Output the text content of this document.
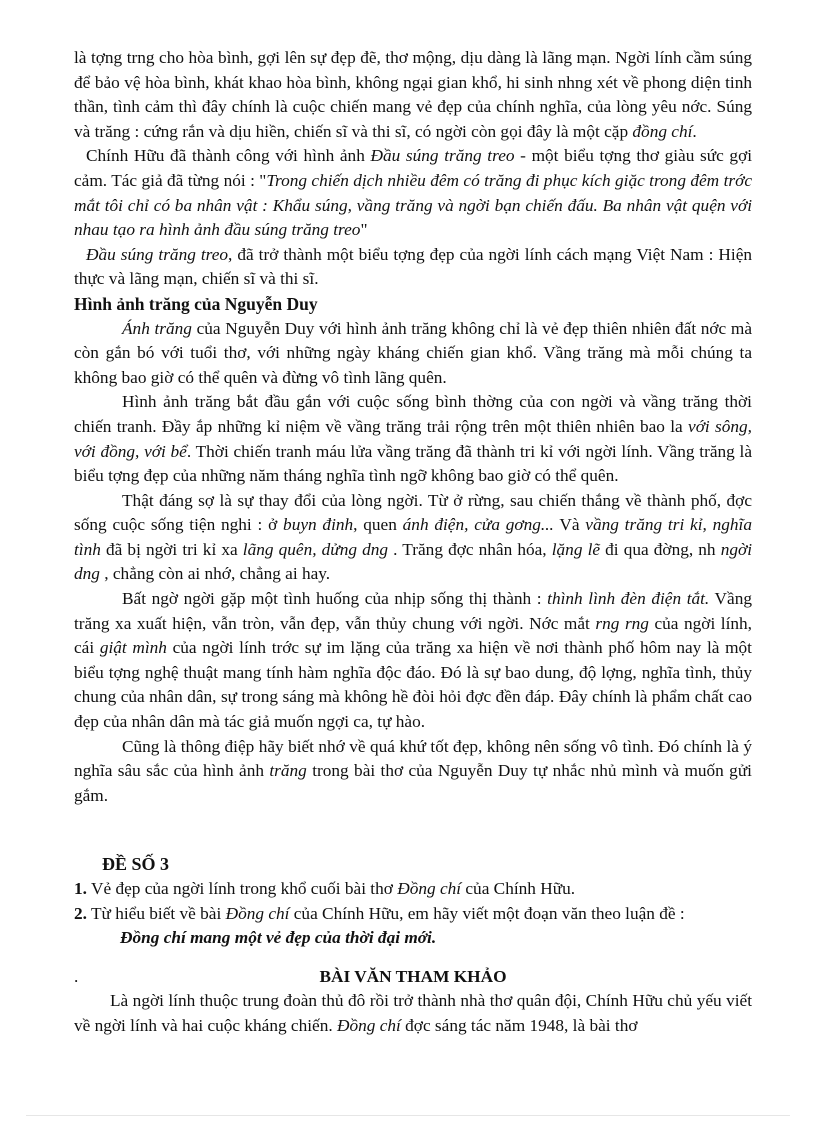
là tợng trng cho hòa bình, gợi lên sự đẹp đẽ, thơ mộng, dịu dàng là lãng mạn. Ngời lính cầm súng để bảo vệ hòa bình, khát khao hòa bình, không ngại gian khổ, hi sinh nhng xét về phong diện tinh thần, tình cảm thì đây chính là cuộc chiến mang vẻ đẹp của chính nghĩa, của lòng yêu nớc. Súng và trăng : cứng rắn và dịu hiền, chiến sĩ và thi sĩ, có ngời còn gọi đây là một cặp đồng chí.

Chính Hữu đã thành công với hình ảnh Đầu súng trăng treo - một biểu tợng thơ giàu sức gợi cảm. Tác giả đã từng nói : "Trong chiến dịch nhiều đêm có trăng đi phục kích giặc trong đêm trớc mắt tôi chỉ có ba nhân vật : Khẩu súng, vầng trăng và ngời bạn chiến đấu. Ba nhân vật quện với nhau tạo ra hình ảnh đầu súng trăng treo"

Đầu súng trăng treo, đã trở thành một biểu tợng đẹp của ngời lính cách mạng Việt Nam : Hiện thực và lãng mạn, chiến sĩ và thi sĩ.

Hình ảnh trăng của Nguyễn Duy

Ánh trăng của Nguyễn Duy với hình ảnh trăng không chỉ là vẻ đẹp thiên nhiên đất nớc mà còn gắn bó với tuổi thơ, với những ngày kháng chiến gian khổ. Vầng trăng mà mỗi chúng ta không bao giờ có thể quên và đừng vô tình lãng quên.

Hình ảnh trăng bắt đầu gắn với cuộc sống bình thờng của con ngời và vầng trăng thời chiến tranh. Đầy ắp những kỉ niệm về vầng trăng trải rộng trên một thiên nhiên bao la với sông, với đồng, với bể. Thời chiến tranh máu lửa vầng trăng đã thành tri kỉ với ngời lính. Vầng trăng là biểu tợng đẹp của những năm tháng nghĩa tình ngỡ không bao giờ có thể quên.

Thật đáng sợ là sự thay đổi của lòng ngời. Từ ở rừng, sau chiến thắng về thành phố, đợc sống cuộc sống tiện nghi : ở buyn đinh, quen ánh điện, cửa gơng... Và vầng trăng tri kỉ, nghĩa tình đã bị ngời tri kỉ xa lãng quên, dửng dng . Trăng đợc nhân hóa, lặng lẽ đi qua đờng, nh ngời dng , chẳng còn ai nhớ, chẳng ai hay.

Bất ngờ ngời gặp một tình huống của nhịp sống thị thành : thình lình đèn điện tắt. Vầng trăng xa xuất hiện, vẫn tròn, vẫn đẹp, vẫn thủy chung với ngời. Nớc mắt rng rng của ngời lính, cái giật mình của ngời lính trớc sự im lặng của trăng xa hiện về nơi thành phố hôm nay là một biểu tợng nghệ thuật mang tính hàm nghĩa độc đáo. Đó là sự bao dung, độ lợng, nghĩa tình, thủy chung của nhân dân, sự trong sáng mà không hề đòi hỏi đợc đền đáp. Đây chính là phẩm chất cao đẹp của nhân dân mà tác giả muốn ngợi ca, tự hào.

Cũng là thông điệp hãy biết nhớ về quá khứ tốt đẹp, không nên sống vô tình. Đó chính là ý nghĩa sâu sắc của hình ảnh trăng trong bài thơ của Nguyễn Duy tự nhắc nhủ mình và muốn gửi gắm.

ĐỀ SỐ 3

1. Vẻ đẹp của ngời lính trong khổ cuối bài thơ Đồng chí của Chính Hữu.

2. Từ hiểu biết về bài Đồng chí của Chính Hữu, em hãy viết một đoạn văn theo luận đề :

Đồng chí mang một vẻ đẹp của thời đại mới.

.	BÀI VĂN THAM KHẢO

Là ngời lính thuộc trung đoàn thủ đô rồi trở thành nhà thơ quân đội, Chính Hữu chủ yếu viết về ngời lính và hai cuộc kháng chiến. Đồng chí đợc sáng tác năm 1948, là bài thơ
